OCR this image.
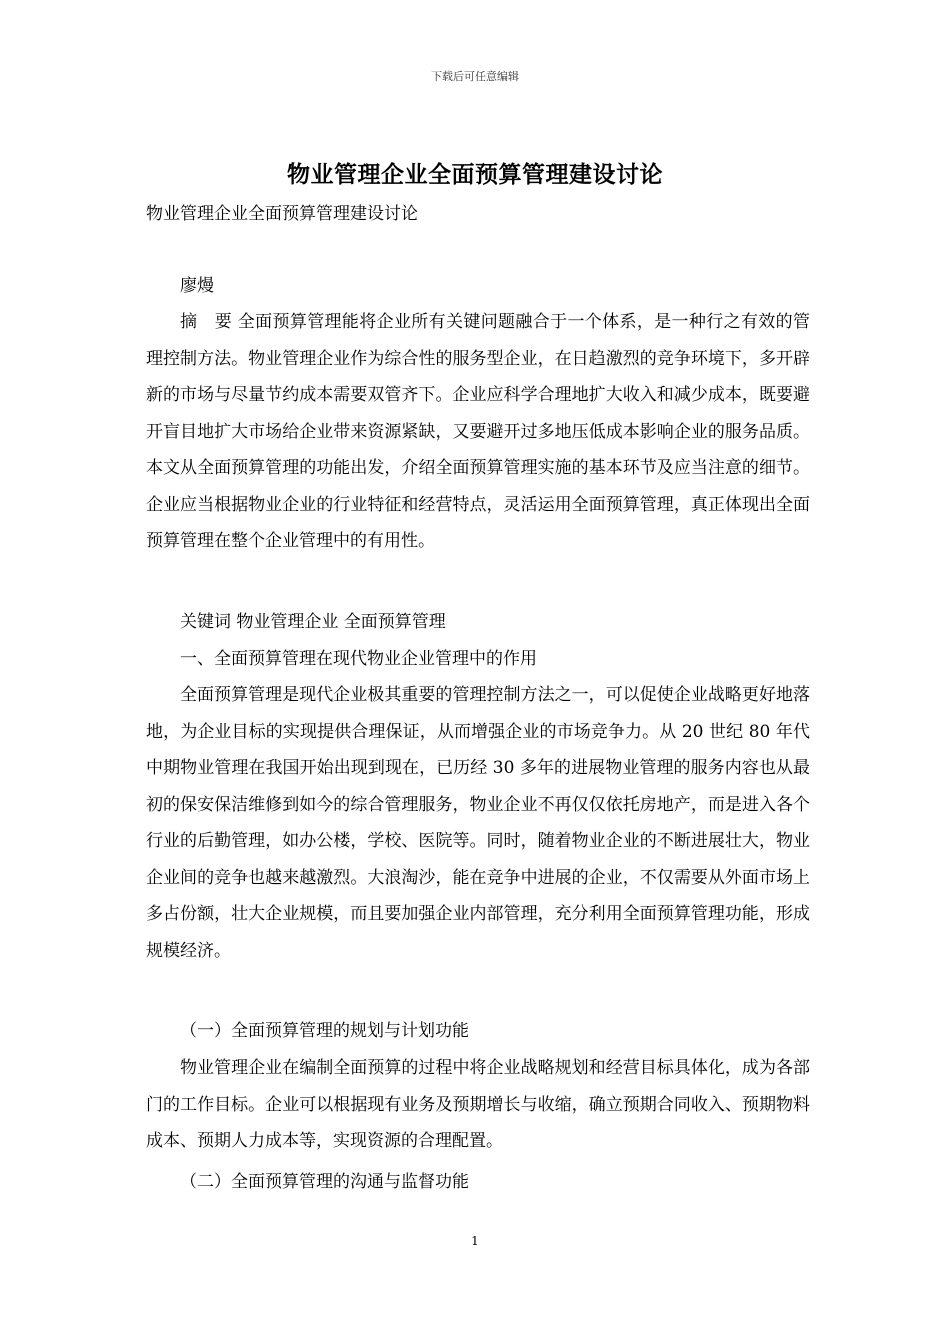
下载后可任意编辑
物业管理企业全面预算管理建设讨论
物业管理企业全面预算管理建设讨论
廖熳
摘　要 全面预算管理能将企业所有关键问题融合于一个体系，是一种行之有效的管理控制方法。物业管理企业作为综合性的服务型企业，在日趋激烈的竞争环境下，多开辟新的市场与尽量节约成本需要双管齐下。企业应科学合理地扩大收入和减少成本，既要避开盲目地扩大市场给企业带来资源紧缺，又要避开过多地压低成本影响企业的服务品质。本文从全面预算管理的功能出发，介绍全面预算管理实施的基本环节及应当注意的细节。企业应当根据物业企业的行业特征和经营特点，灵活运用全面预算管理，真正体现出全面预算管理在整个企业管理中的有用性。
关键词 物业管理企业 全面预算管理
一、全面预算管理在现代物业企业管理中的作用
全面预算管理是现代企业极其重要的管理控制方法之一，可以促使企业战略更好地落地，为企业目标的实现提供合理保证，从而增强企业的市场竞争力。从 20 世纪 80 年代中期物业管理在我国开始出现到现在，已历经 30 多年的进展物业管理的服务内容也从最初的保安保洁维修到如今的综合管理服务，物业企业不再仅仅依托房地产，而是进入各个行业的后勤管理，如办公楼，学校、医院等。同时，随着物业企业的不断进展壮大，物业企业间的竞争也越来越激烈。大浪淘沙，能在竞争中进展的企业，不仅需要从外面市场上多占份额，壮大企业规模，而且要加强企业内部管理，充分利用全面预算管理功能，形成规模经济。
（一）全面预算管理的规划与计划功能
物业管理企业在编制全面预算的过程中将企业战略规划和经营目标具体化，成为各部门的工作目标。企业可以根据现有业务及预期增长与收缩，确立预期合同收入、预期物料成本、预期人力成本等，实现资源的合理配置。
（二）全面预算管理的沟通与监督功能
1
